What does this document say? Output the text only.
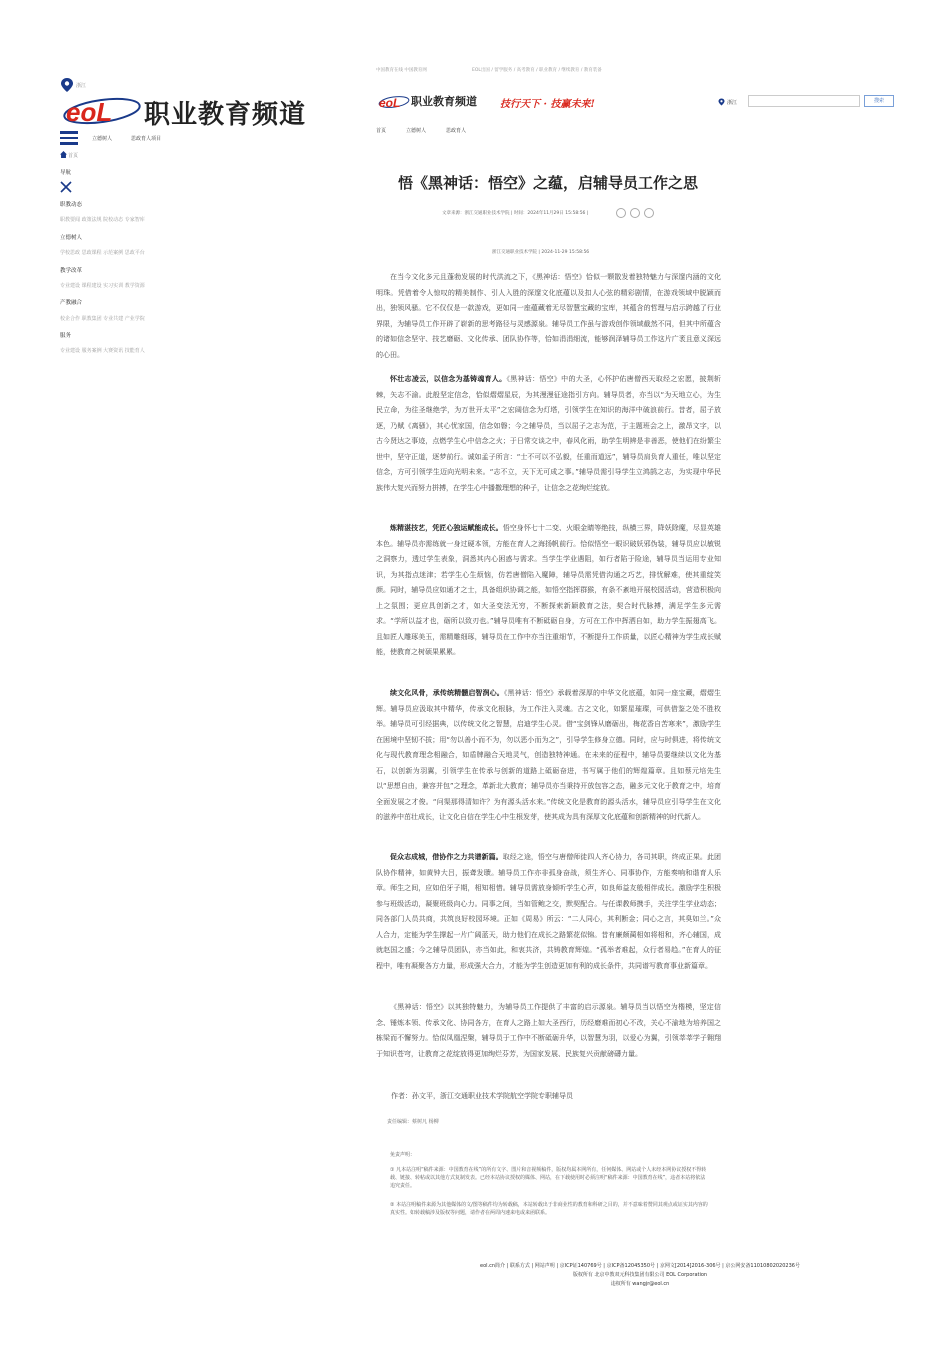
浙江
eoL 职业教育频道
立德树人	思政育人项目
首页
导航
职教动态
职教要闻 政策法规 院校动态 专家智库
立德树人
学校思政 思政课程 示范案例 思政平台
教学改革
专业建设 课程建设 实习实训 教学资源
产教融合
校企合作 职教集团 专业共建 产业学院
服务
专业建设 服务案例 大赛资讯 技能育人
中国教育在线 中国教育网	EOL出国 / 留学服务 / 高考教育 / 职业教育 / 继续教育 / 教育装备
eoL 职业教育频道 技行天下 · 技赢未来!	浙江	搜索
首页	立德树人	思政育人
悟《黑神话：悟空》之蕴，启辅导员工作之思
文章来源：浙江交通职业技术学院 | 时间：2024年11月29日 15:58:56 |
浙江交通职业技术学院 | 2024-11-29 15:58:56

在当今文化多元且蓬勃发展的时代洪流之下，《黑神话：悟空》恰似一颗散发着独特魅力与深邃内涵的文化明珠。凭借着令人惊叹的精美制作、引人入胜的深邃文化底蕴以及扣人心弦的精彩剧情，在游戏领域中脱颖而出，独领风骚。它不仅仅是一款游戏，更如同一座蕴藏着无尽智慧宝藏的宝库，其蕴含的哲理与启示跨越了行业界限，为辅导员工作开辟了崭新的思考路径与灵感源泉。辅导员工作虽与游戏创作领域截然不同，但其中所蕴含的诸如信念坚守、技艺磨砺、文化传承、团队协作等，恰如涓涓细流，能够润泽辅导员工作这片广袤且意义深远的心田。

怀壮志凌云，以信念为基铸魂育人。《黑神话：悟空》中的大圣，心怀护佑唐僧西天取经之宏愿，披荆斩棘，矢志不渝。此般坚定信念，恰似熠熠星辰，为其漫漫征途指引方向。辅导员者，亦当以“为天地立心，为生民立命，为往圣继绝学，为万世开太平”之宏阔信念为灯塔，引领学生在知识的海洋中破浪前行。昔者，屈子放逐，乃赋《离骚》，其心忧家国，信念如磐；今之辅导员，当以屈子之志为范，于主题班会之上，激昂文字，以古今贤达之事迹，点燃学生心中信念之火；于日常交谈之中，春风化雨，助学生明辨是非善恶，使他们在纷繁尘世中，坚守正道，逐梦前行。诚如孟子所言：“士不可以不弘毅，任重而道远”，辅导员肩负育人重任，唯以坚定信念，方可引领学生迈向光明未来。“志不立，天下无可成之事。”辅导员需引导学生立鸿鹄之志，为实现中华民族伟大复兴而努力拼搏，在学生心中播撒理想的种子，让信念之花绚烂绽放。

炼精湛技艺，凭匠心独运赋能成长。悟空身怀七十二变、火眼金睛等绝技，纵横三界，降妖除魔，尽显英雄本色。辅导员亦需练就一身过硬本领，方能在育人之海扬帆前行。恰似悟空一眼识破妖邪伪装，辅导员应以敏锐之洞察力，透过学生表象，洞悉其内心困惑与需求。当学生学业遇阻，如行者陷于险途，辅导员当运用专业知识，为其指点迷津；若学生心生烦恼，仿若唐僧陷入魔障，辅导员需凭借沟通之巧艺，排忧解难，使其重绽笑颜。同时，辅导员应如通才之士，具备组织协调之能，如悟空指挥群猴，有条不紊地开展校园活动，营造积极向上之氛围；更应具创新之才，如大圣变法无穷，不断探索新颖教育之法，契合时代脉搏，满足学生多元需求。“学所以益才也，砺所以致刃也。”辅导员唯有不断砥砺自身，方可在工作中挥洒自如，助力学生振翅高飞。且如匠人雕琢美玉，需精雕细琢，辅导员在工作中亦当注重细节，不断提升工作质量，以匠心精神为学生成长赋能，使教育之树硕果累累。

续文化风骨，承传统精髓启智润心。《黑神话：悟空》承载着深厚的中华文化底蕴，如同一座宝藏，熠熠生辉。辅导员应汲取其中精华，传承文化根脉，为工作注入灵魂。古之文化，如繁星璀璨，可供借鉴之处不胜枚举。辅导员可引经据典，以传统文化之智慧，启迪学生心灵。借“宝剑锋从磨砺出，梅花香自苦寒来”，激励学生在困境中坚韧不拔；用“勿以善小而不为，勿以恶小而为之”，引导学生修身立德。同时，应与时俱进，将传统文化与现代教育理念相融合，如盾牌融合天地灵气，创造独特神通。在未来的征程中，辅导员要继续以文化为基石，以创新为羽翼，引领学生在传承与创新的道路上砥砺奋进，书写属于他们的辉煌篇章。且如蔡元培先生以“思想自由，兼容并包”之理念，革新北大教育；辅导员亦当秉持开放包容之态，融多元文化于教育之中，培育全面发展之才俊。“问渠那得清如许？为有源头活水来。”传统文化是教育的源头活水，辅导员应引导学生在文化的滋养中茁壮成长，让文化自信在学生心中生根发芽，使其成为具有深厚文化底蕴和创新精神的时代新人。

促众志成城，借协作之力共谱新篇。取经之途，悟空与唐僧师徒四人齐心协力，各司其职，终成正果。此团队协作精神，如黄钟大吕，振聋发聩。辅导员工作亦非孤身奋战，须生齐心、同事协作，方能奏响和谐育人乐章。师生之间，应如伯牙子期，相知相惜。辅导员需放身倾听学生心声，如良师益友般相伴成长。激励学生积极参与班级活动，凝聚班级向心力。同事之间，当如管鲍之交，默契配合。与任课教师携手，关注学生学业动态；同各部门人员共商，共筑良好校园环境。正如《周易》所云：“二人同心，其利断金；同心之言，其臭如兰。”众人合力，定能为学生撑起一片广阔蓝天，助力他们在成长之路繁花似锦。昔有廉颇蔺相如将相和，齐心辅国，成就赵国之盛；今之辅导员团队，亦当如此，和衷共济，共铸教育辉煌。“孤举者难起，众行者易趋。”在育人的征程中，唯有凝聚各方力量，形成强大合力，才能为学生创造更加有利的成长条件，共同谱写教育事业新篇章。

《黑神话：悟空》以其独特魅力，为辅导员工作提供了丰富的启示源泉。辅导员当以悟空为楷模，坚定信念、锤炼本领、传承文化、协同各方，在育人之路上如大圣西行，历经磨难而初心不改，关心不渝地为培养国之栋梁而不懈努力。恰似凤凰涅槃，辅导员于工作中不断砥砺升华，以智慧为羽，以爱心为翼，引领莘莘学子翱翔于知识苍穹，让教育之花绽放得更加绚烂芬芳，为国家发展、民族复兴贡献磅礴力量。

作者：孙文平，浙江交通职业技术学院航空学院专职辅导员
责任编辑：蔡树凡 杨柳
免责声明：
① 凡本站注明“稿件来源：中国教育在线”的所有文字、图片和音视频稿件，版权均属本网所有，任何媒体、网站或个人未经本网协议授权不得转载、链接、转帖或以其他方式复制发表。已经本站协议授权的媒体、网站，在下载使用时必须注明“稿件来源：中国教育在线”，违者本站将依法追究责任。
② 本站注明稿件来源为其他媒体的文/图等稿件均为转载稿，本站转载出于非商业性的教育和科研之目的，并不意味着赞同其观点或证实其内容的真实性。如转载稿涉及版权等问题，请作者在两周内速来电或来函联系。
eol.cn简介 | 联系方式 | 网站声明 | 京ICP证140769号 | 京ICP备12045350号 | 京网文[2014]2016-306号 | 京公网安备11010802020236号
版权所有 北京中教双元科技集团有限公司 EOL Corporation
违权所有 wangjr@eol.cn
